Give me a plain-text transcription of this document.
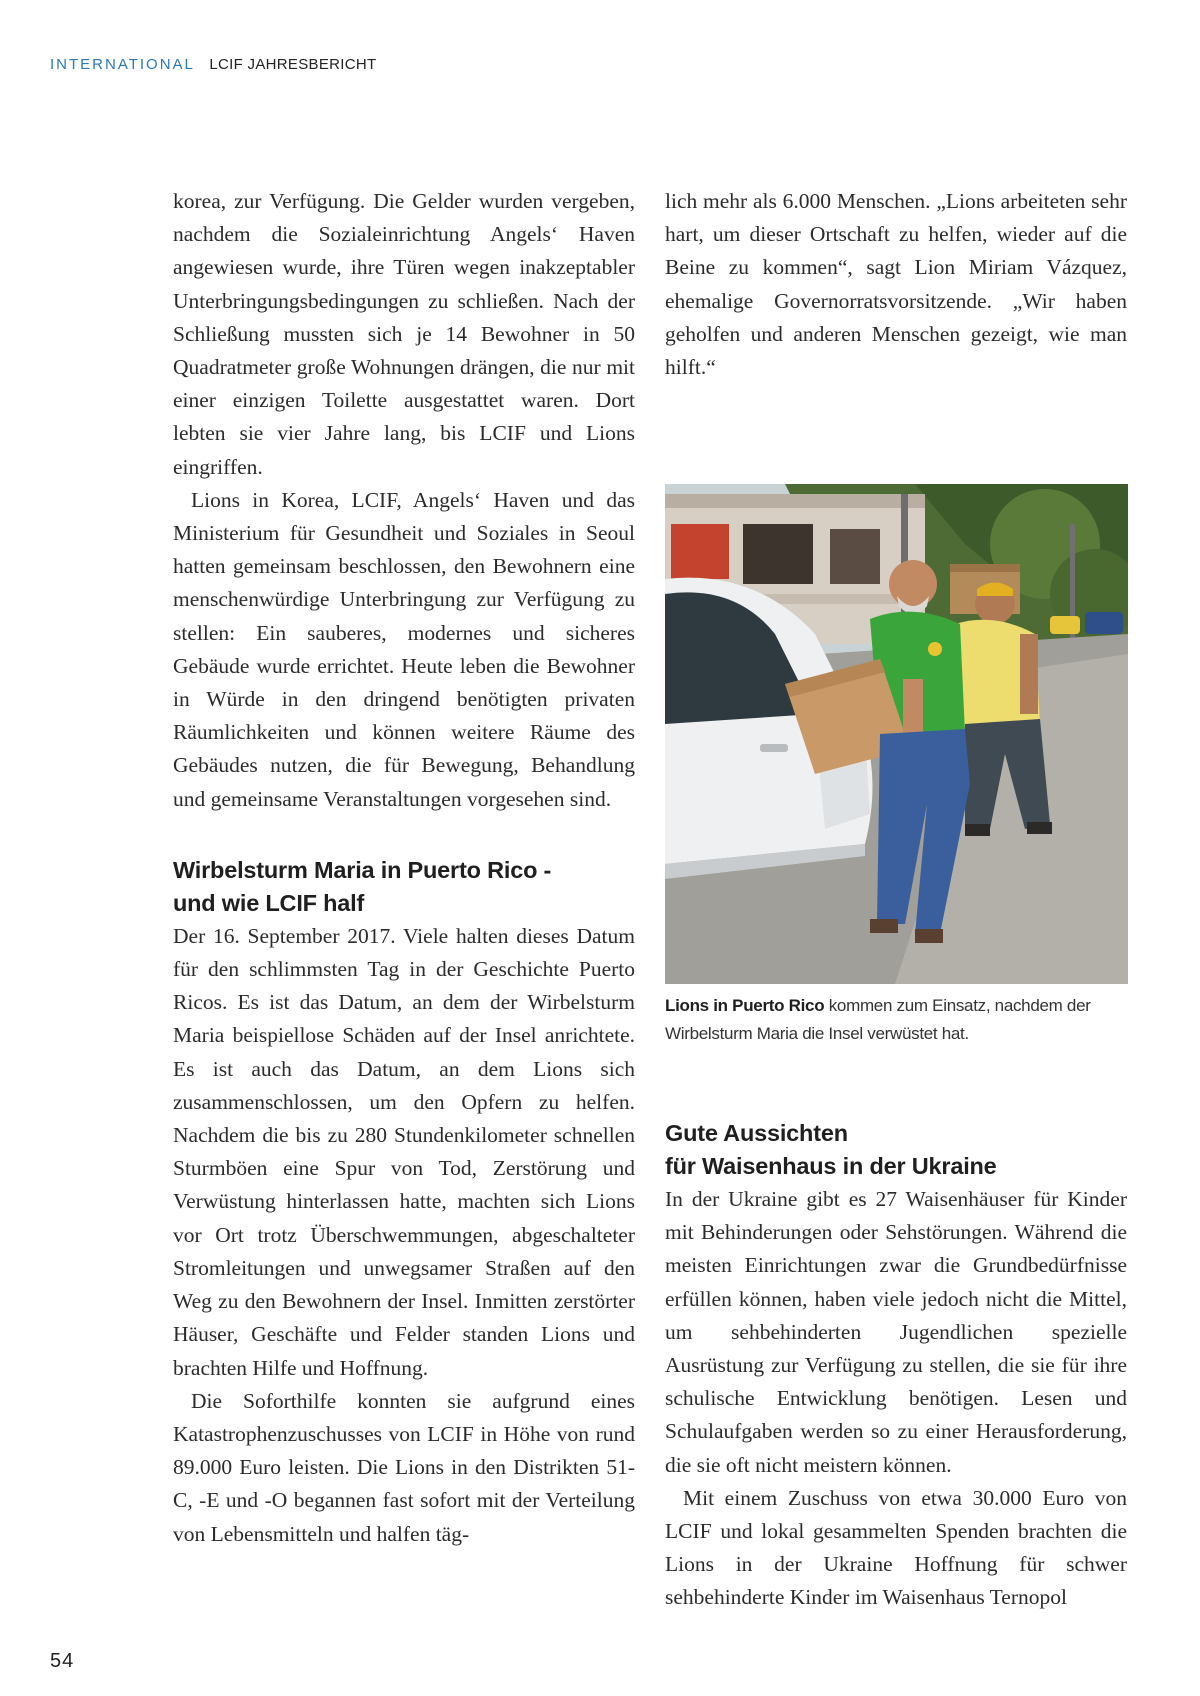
INTERNATIONAL LCIF JAHRESBERICHT

korea, zur Verfügung. Die Gelder wurden vergeben, nachdem die Sozialeinrichtung Angels‘ Haven angewiesen wurde, ihre Türen wegen inakzeptabler Unterbringungsbedingungen zu schließen. Nach der Schließung mussten sich je 14 Bewohner in 50 Quadratmeter große Wohnungen drängen, die nur mit einer einzigen Toilette ausgestattet waren. Dort lebten sie vier Jahre lang, bis LCIF und Lions eingriffen.

Lions in Korea, LCIF, Angels‘ Haven und das Ministerium für Gesundheit und Soziales in Seoul hatten gemeinsam beschlossen, den Bewohnern eine menschenwürdige Unterbringung zur Verfügung zu stellen: Ein sauberes, modernes und sicheres Gebäude wurde errichtet. Heute leben die Bewohner in Würde in den dringend benötigten privaten Räumlichkeiten und können weitere Räume des Gebäudes nutzen, die für Bewegung, Behandlung und gemeinsame Veranstaltungen vorgesehen sind.

Wirbelsturm Maria in Puerto Rico -
und wie LCIF half

Der 16. September 2017. Viele halten dieses Datum für den schlimmsten Tag in der Geschichte Puerto Ricos. Es ist das Datum, an dem der Wirbelsturm Maria beispiellose Schäden auf der Insel anrichtete. Es ist auch das Datum, an dem Lions sich zusammenschlossen, um den Opfern zu helfen. Nachdem die bis zu 280 Stundenkilometer schnellen Sturmböen eine Spur von Tod, Zerstörung und Verwüstung hinterlassen hatte, machten sich Lions vor Ort trotz Überschwemmungen, abgeschalteter Stromleitungen und unwegsamer Straßen auf den Weg zu den Bewohnern der Insel. Inmitten zerstörter Häuser, Geschäfte und Felder standen Lions und brachten Hilfe und Hoffnung.

Die Soforthilfe konnten sie aufgrund eines Katastrophenzuschusses von LCIF in Höhe von rund 89.000 Euro leisten. Die Lions in den Distrikten 51-C, -E und -O begannen fast sofort mit der Verteilung von Lebensmitteln und halfen täg-

lich mehr als 6.000 Menschen. „Lions arbeiteten sehr hart, um dieser Ortschaft zu helfen, wieder auf die Beine zu kommen“, sagt Lion Miriam Vázquez, ehemalige Governorratsvorsitzende. „Wir haben geholfen und anderen Menschen gezeigt, wie man hilft.“

Lions in Puerto Rico kommen zum Einsatz, nachdem der Wirbelsturm Maria die Insel verwüstet hat.
Gute Aussichten
für Waisenhaus in der Ukraine

In der Ukraine gibt es 27 Waisenhäuser für Kinder mit Behinderungen oder Sehstörungen. Während die meisten Einrichtungen zwar die Grundbedürfnisse erfüllen können, haben viele jedoch nicht die Mittel, um sehbehinderten Jugendlichen spezielle Ausrüstung zur Verfügung zu stellen, die sie für ihre schulische Entwicklung benötigen. Lesen und Schulaufgaben werden so zu einer Herausforderung, die sie oft nicht meistern können.

Mit einem Zuschuss von etwa 30.000 Euro von LCIF und lokal gesammelten Spenden brachten die Lions in der Ukraine Hoffnung für schwer sehbehinderte Kinder im Waisenhaus Ternopol

54
